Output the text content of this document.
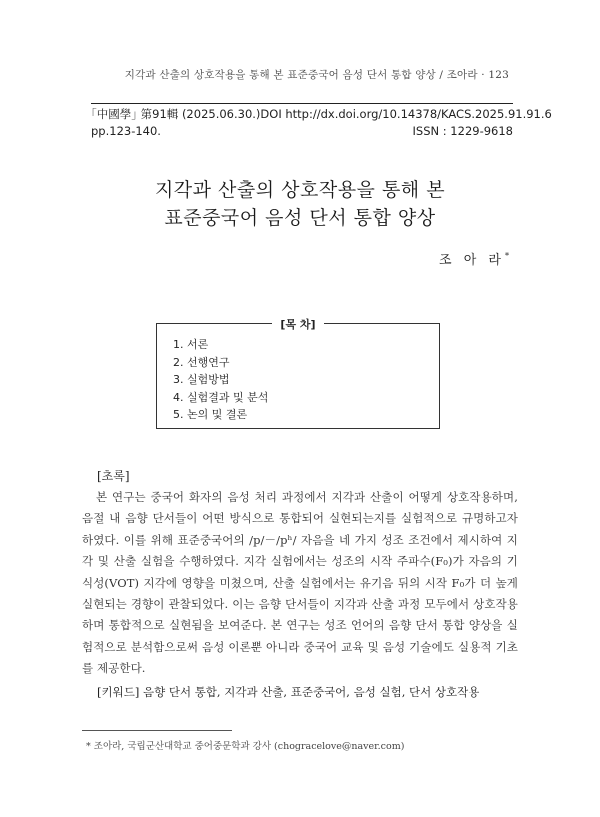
지각과 산출의 상호작용을 통해 본 표준중국어 음성 단서 통합 양상 / 조아라 · 123
｢中國學｣ 第91輯 (2025.06.30.) DOI http://dx.doi.org/10.14378/KACS.2025.91.91.6
pp.123-140.	ISSN : 1229-9618
지각과 산출의 상호작용을 통해 본
표준중국어 음성 단서 통합 양상
조 아 라*
[목 차]
1. 서론
2. 선행연구
3. 실험방법
4. 실험결과 및 분석
5. 논의 및 결론
[초록]
본 연구는 중국어 화자의 음성 처리 과정에서 지각과 산출이 어떻게 상호작용하며, 음절 내 음향 단서들이 어떤 방식으로 통합되어 실현되는지를 실험적으로 규명하고자 하였다. 이를 위해 표준중국어의 /p/－/pʰ/ 자음을 네 가지 성조 조건에서 제시하여 지각 및 산출 실험을 수행하였다. 지각 실험에서는 성조의 시작 주파수(F₀)가 자음의 기식성(VOT) 지각에 영향을 미쳤으며, 산출 실험에서는 유기음 뒤의 시작 F₀가 더 높게 실현되는 경향이 관찰되었다. 이는 음향 단서들이 지각과 산출 과정 모두에서 상호작용하며 통합적으로 실현됨을 보여준다. 본 연구는 성조 언어의 음향 단서 통합 양상을 실험적으로 분석함으로써 음성 이론뿐 아니라 중국어 교육 및 음성 기술에도 실용적 기초를 제공한다.
[키워드] 음향 단서 통합, 지각과 산출, 표준중국어, 음성 실험, 단서 상호작용
* 조아라, 국립군산대학교 중어중문학과 강사 (chogracelove@naver.com)
